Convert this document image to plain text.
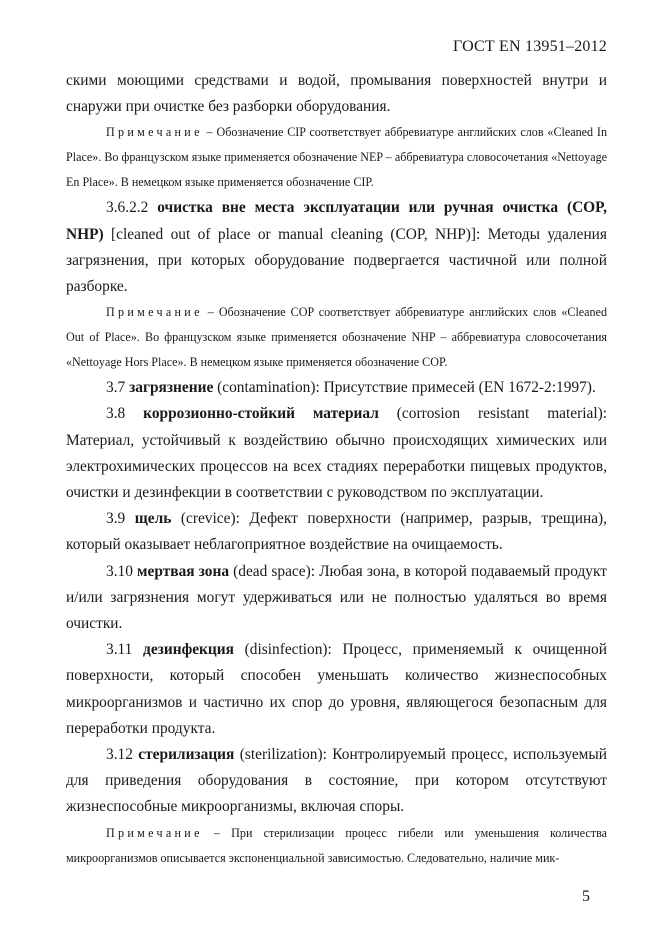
ГОСТ EN 13951–2012

скими моющими средствами и водой, промывания поверхностей внутри и снаружи при очистке без разборки оборудования.

Примечание – Обозначение CIP соответствует аббревиатуре английских слов «Cleaned In Place». Во французском языке применяется обозначение NEP – аббревиатура словосочетания «Nettoyage En Place». В немецком языке применяется обозначение CIP.

3.6.2.2 очистка вне места эксплуатации или ручная очистка (COP, NHP) [cleaned out of place or manual cleaning (COP, NHP)]: Методы удаления загрязнения, при которых оборудование подвергается частичной или полной разборке.

Примечание – Обозначение COP соответствует аббревиатуре английских слов «Cleaned Out of Place». Во французском языке применяется обозначение NHP – аббревиатура словосочетания «Nettoyage Hors Place». В немецком языке применяется обозначение COP.

3.7 загрязнение (contamination): Присутствие примесей (EN 1672-2:1997).

3.8 коррозионно-стойкий материал (corrosion resistant material): Материал, устойчивый к воздействию обычно происходящих химических или электрохимических процессов на всех стадиях переработки пищевых продуктов, очистки и дезинфекции в соответствии с руководством по эксплуатации.

3.9 щель (crevice): Дефект поверхности (например, разрыв, трещина), который оказывает неблагоприятное воздействие на очищаемость.

3.10 мертвая зона (dead space): Любая зона, в которой подаваемый продукт и/или загрязнения могут удерживаться или не полностью удаляться во время очистки.

3.11 дезинфекция (disinfection): Процесс, применяемый к очищенной поверхности, который способен уменьшать количество жизнеспособных микроорганизмов и частично их спор до уровня, являющегося безопасным для переработки продукта.

3.12 стерилизация (sterilization): Контролируемый процесс, используемый для приведения оборудования в состояние, при котором отсутствуют жизнеспособные микроорганизмы, включая споры.

Примечание – При стерилизации процесс гибели или уменьшения количества микроорганизмов описывается экспоненциальной зависимостью. Следовательно, наличие мик-

5
